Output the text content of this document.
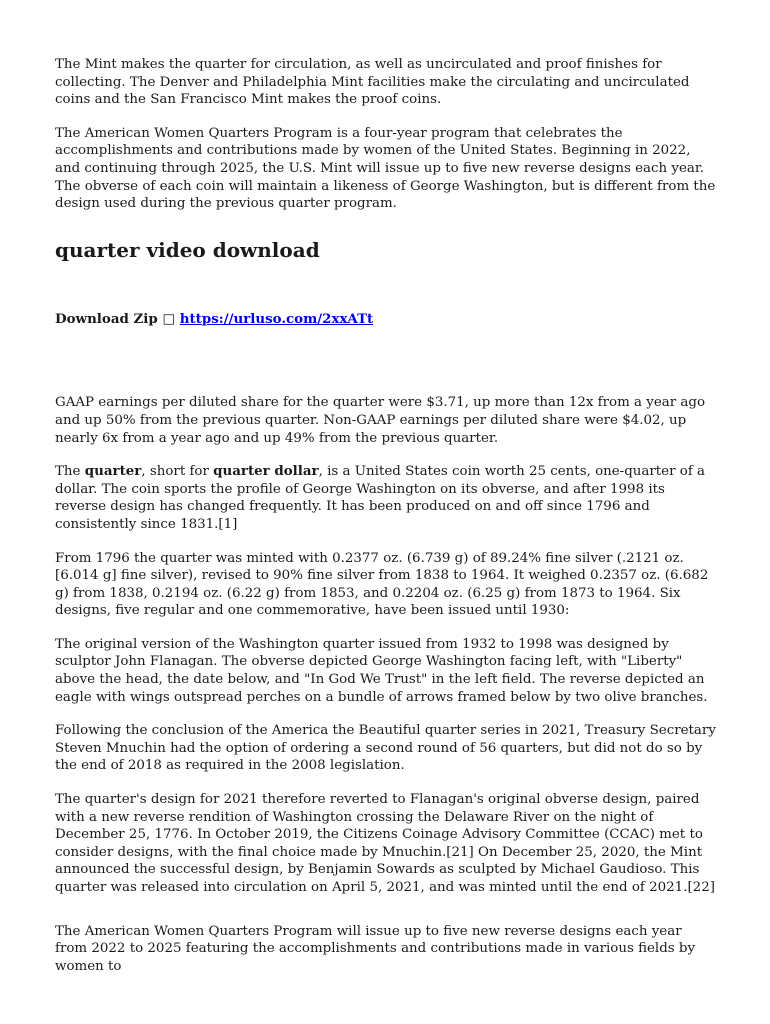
The Mint makes the quarter for circulation, as well as uncirculated and proof finishes for collecting. The Denver and Philadelphia Mint facilities make the circulating and uncirculated coins and the San Francisco Mint makes the proof coins.

The American Women Quarters Program is a four-year program that celebrates the accomplishments and contributions made by women of the United States. Beginning in 2022, and continuing through 2025, the U.S. Mint will issue up to five new reverse designs each year. The obverse of each coin will maintain a likeness of George Washington, but is different from the design used during the previous quarter program.

quarter video download

Download Zip □ https://urluso.com/2xxATt

GAAP earnings per diluted share for the quarter were $3.71, up more than 12x from a year ago and up 50% from the previous quarter. Non-GAAP earnings per diluted share were $4.02, up nearly 6x from a year ago and up 49% from the previous quarter.

The quarter, short for quarter dollar, is a United States coin worth 25 cents, one-quarter of a dollar. The coin sports the profile of George Washington on its obverse, and after 1998 its reverse design has changed frequently. It has been produced on and off since 1796 and consistently since 1831.[1]

From 1796 the quarter was minted with 0.2377 oz. (6.739 g) of 89.24% fine silver (.2121 oz. [6.014 g] fine silver), revised to 90% fine silver from 1838 to 1964. It weighed 0.2357 oz. (6.682 g) from 1838, 0.2194 oz. (6.22 g) from 1853, and 0.2204 oz. (6.25 g) from 1873 to 1964. Six designs, five regular and one commemorative, have been issued until 1930:

The original version of the Washington quarter issued from 1932 to 1998 was designed by sculptor John Flanagan. The obverse depicted George Washington facing left, with "Liberty" above the head, the date below, and "In God We Trust" in the left field. The reverse depicted an eagle with wings outspread perches on a bundle of arrows framed below by two olive branches.

Following the conclusion of the America the Beautiful quarter series in 2021, Treasury Secretary Steven Mnuchin had the option of ordering a second round of 56 quarters, but did not do so by the end of 2018 as required in the 2008 legislation.

The quarter's design for 2021 therefore reverted to Flanagan's original obverse design, paired with a new reverse rendition of Washington crossing the Delaware River on the night of December 25, 1776. In October 2019, the Citizens Coinage Advisory Committee (CCAC) met to consider designs, with the final choice made by Mnuchin.[21] On December 25, 2020, the Mint announced the successful design, by Benjamin Sowards as sculpted by Michael Gaudioso. This quarter was released into circulation on April 5, 2021, and was minted until the end of 2021.[22]

The American Women Quarters Program will issue up to five new reverse designs each year from 2022 to 2025 featuring the accomplishments and contributions made in various fields by women to
